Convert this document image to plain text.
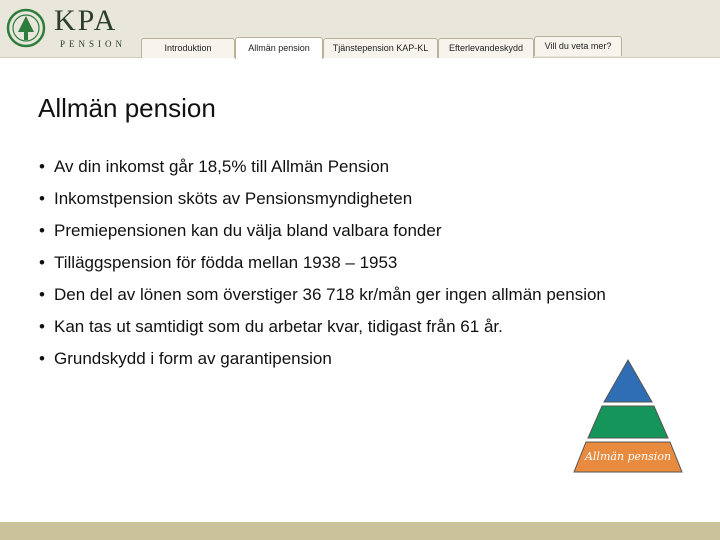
KPA
PENSION	Introduktion	Allmän pension	Tjänstepension KAP-KL	Efterlevandeskydd	Vill du veta mer?
Allmän pension
• Av din inkomst går 18,5% till Allmän Pension
• Inkomstpension sköts av Pensionsmyndigheten
• Premiepensionen kan du välja bland valbara fonder
• Tilläggspension för födda mellan 1938 – 1953
• Den del av lönen som överstiger 36 718 kr/mån ger ingen allmän pension
• Kan tas ut samtidigt som du arbetar kvar, tidigast från 61 år.
• Grundskydd i form av garantipension
Allmän pension
